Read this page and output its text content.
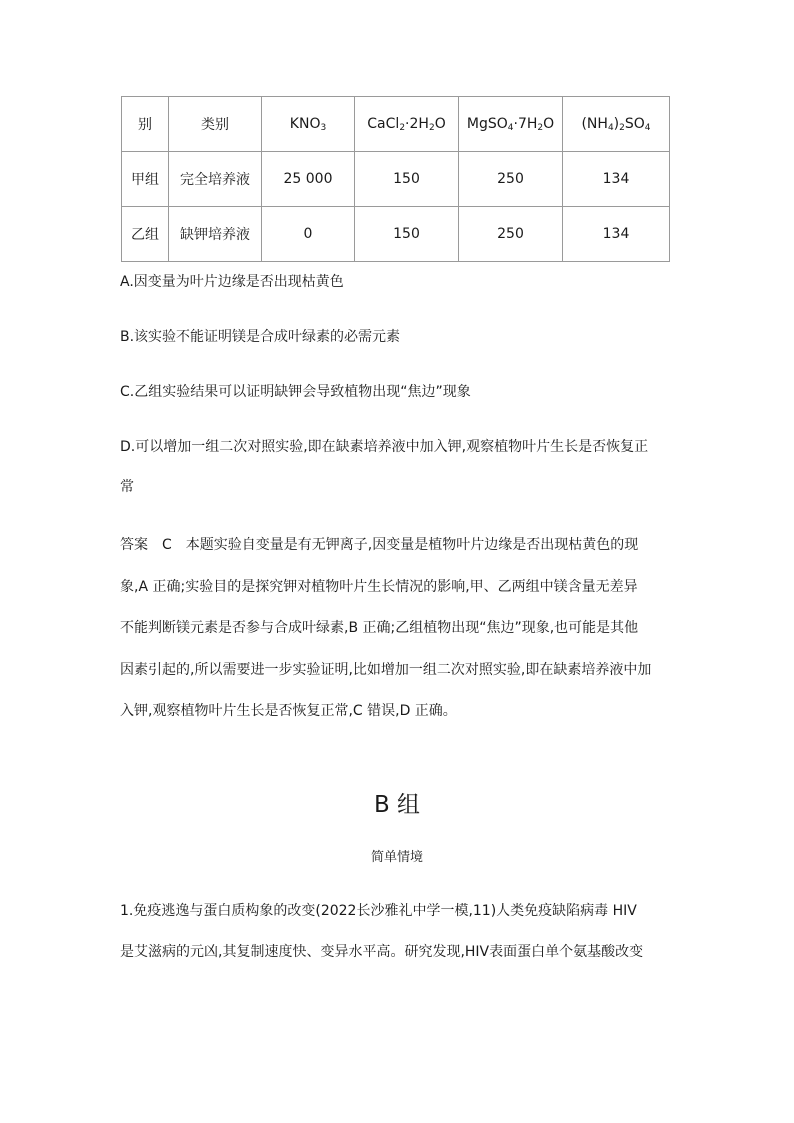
别	类别	$KNO_3$	$CaCl_2\cdot 2H_2O$	$MgSO_4\cdot 7H_2O$	$(NH_4)_2SO_4$
甲组	完全培养液	25 000	150	250	134
乙组	缺钾培养液	0	150	250	134
A.因变量为叶片边缘是否出现枯黄色
B.该实验不能证明镁是合成叶绿素的必需元素
C.乙组实验结果可以证明缺钾会导致植物出现“焦边”现象
D.可以增加一组二次对照实验,即在缺素培养液中加入钾,观察植物叶片生长是否恢复正
常
答案　C　本题实验自变量是有无钾离子,因变量是植物叶片边缘是否出现枯黄色的现
象,A 正确;实验目的是探究钾对植物叶片生长情况的影响,甲、乙两组中镁含量无差异
不能判断镁元素是否参与合成叶绿素,B 正确;乙组植物出现“焦边”现象,也可能是其他
因素引起的,所以需要进一步实验证明,比如增加一组二次对照实验,即在缺素培养液中加
入钾,观察植物叶片生长是否恢复正常,C 错误,D 正确。
B 组
简单情境
1.免疫逃逸与蛋白质构象的改变(2022长沙雅礼中学一模,11)人类免疫缺陷病毒 HIV
是艾滋病的元凶,其复制速度快、变异水平高。研究发现,HIV表面蛋白单个氨基酸改变
